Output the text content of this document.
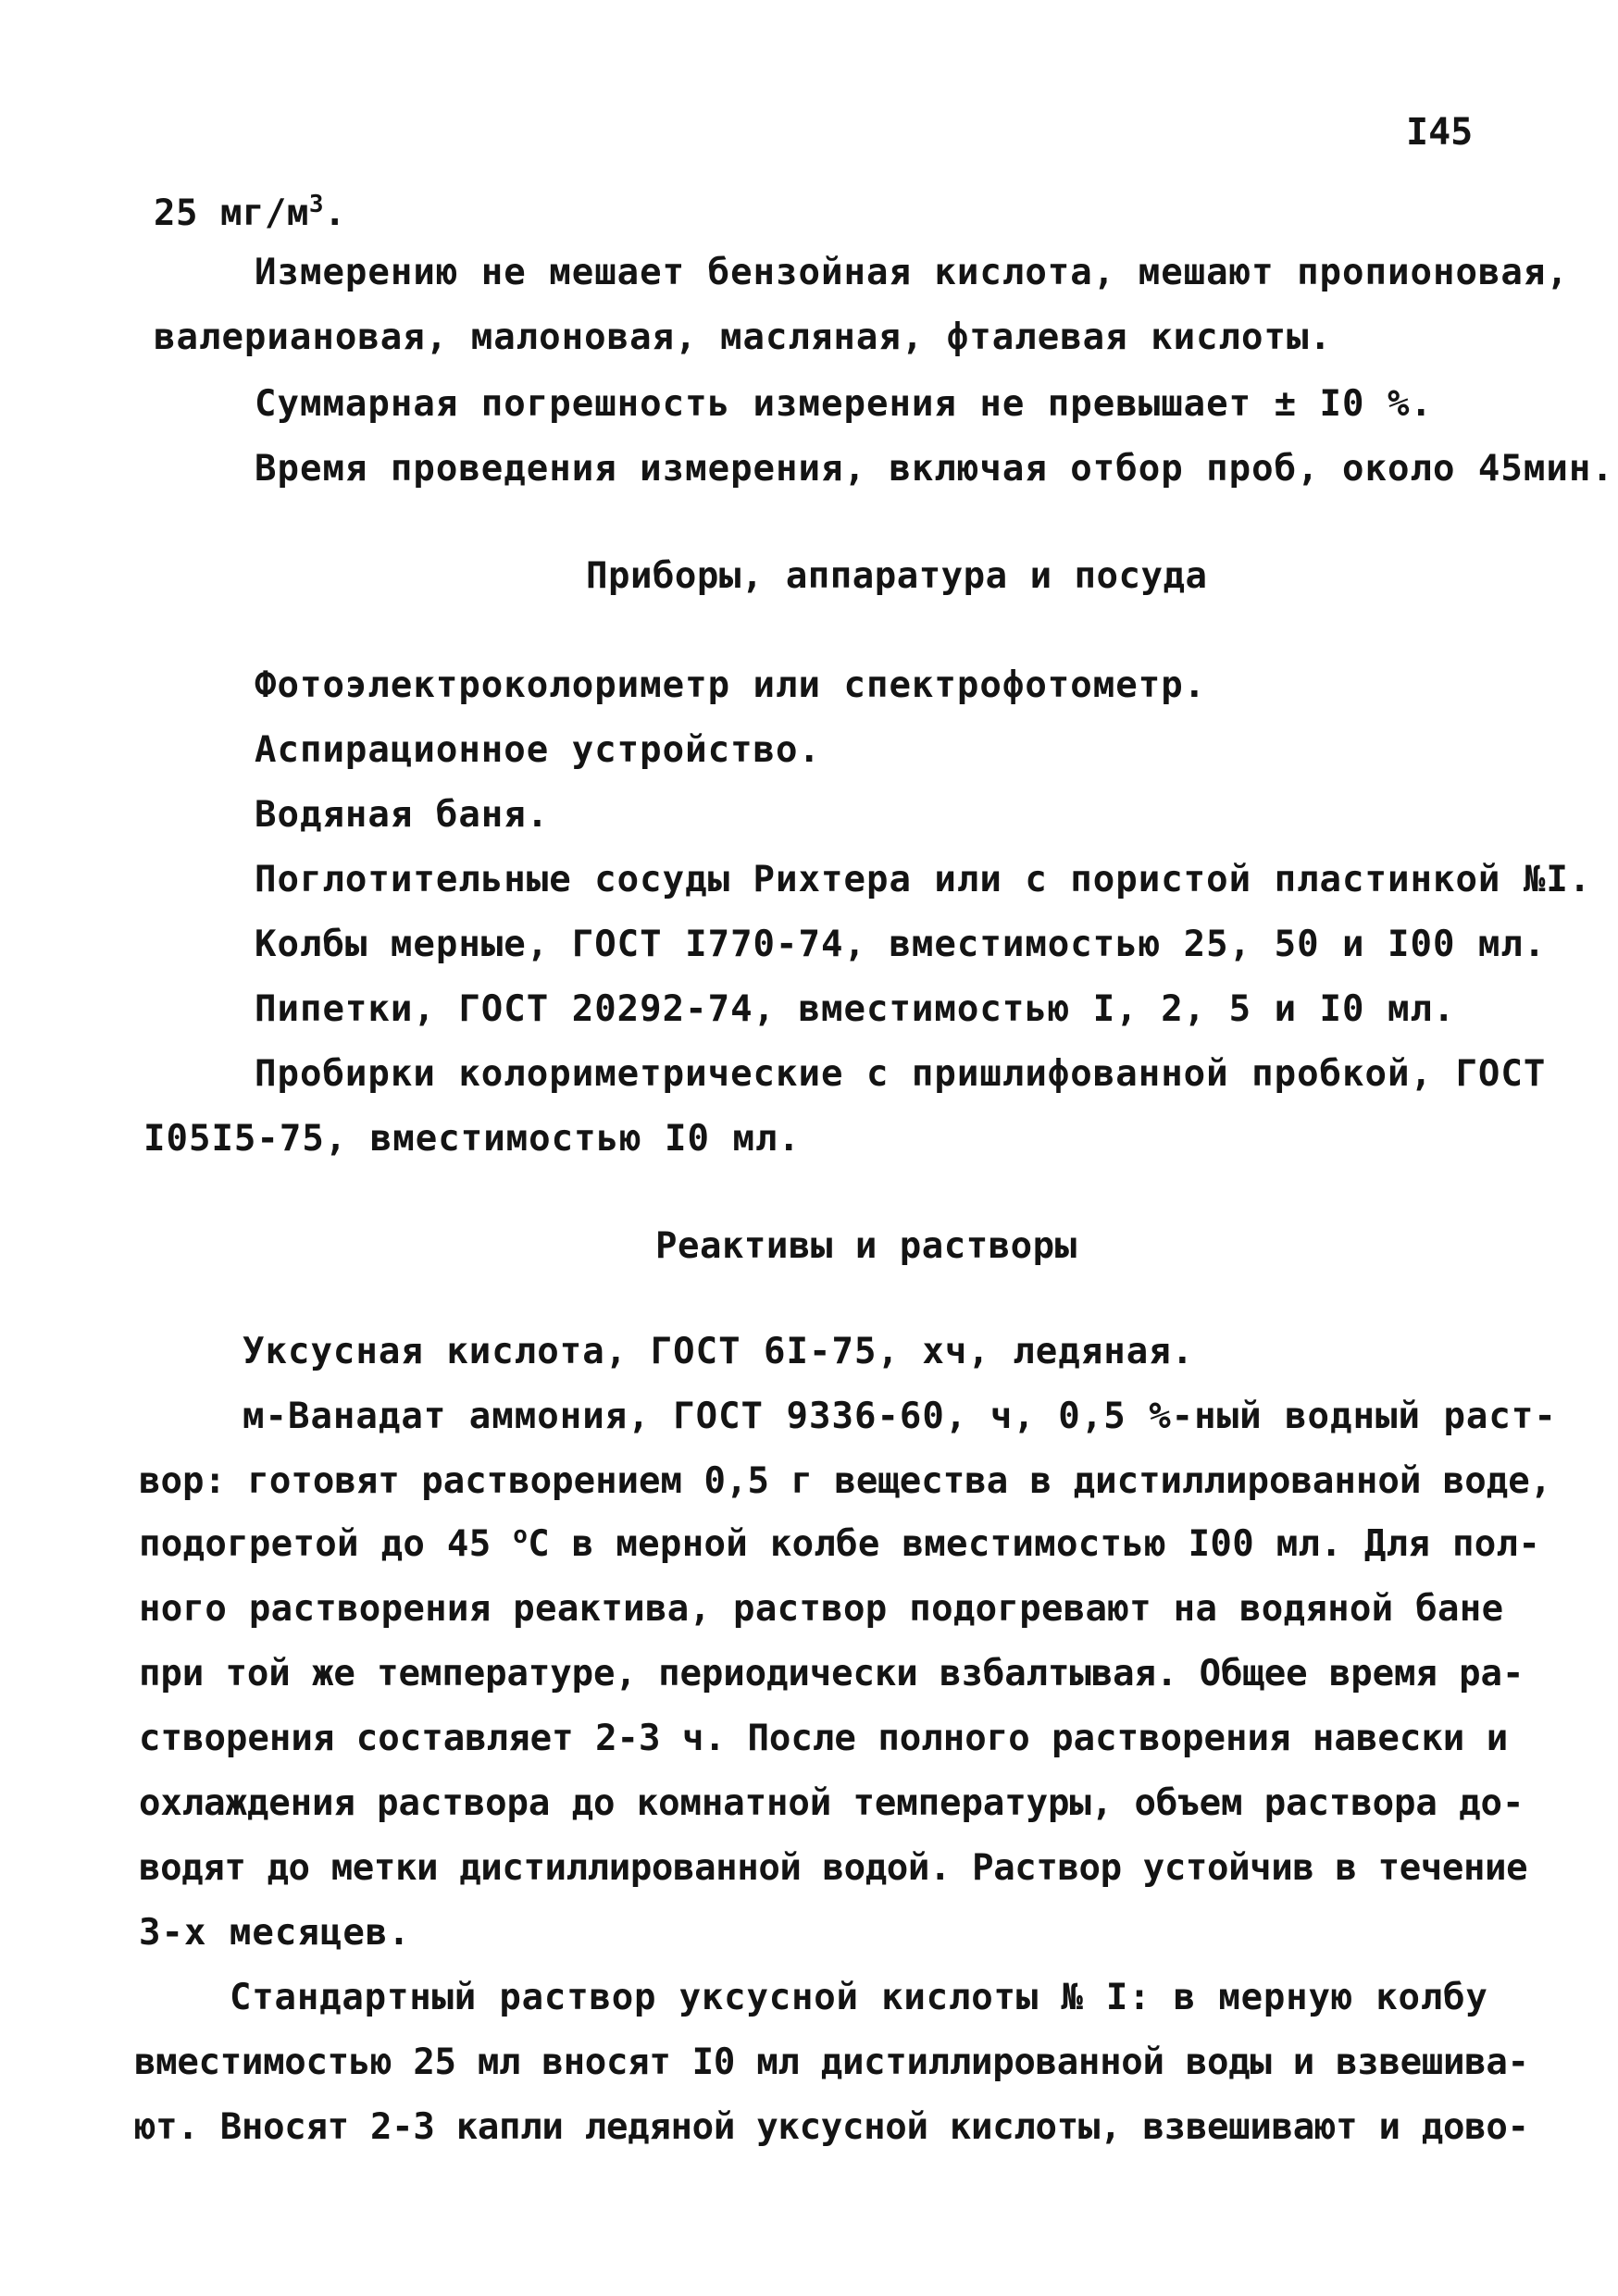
I45
25 $мг/м^3$.
Измерению не мешает бензойная кислота, мешают пропионовая,
валериановая, малоновая, масляная, фталевая кислоты.
Суммарная погрешность измерения не превышает ± I0 %.
Время проведения измерения, включая отбор проб, около 45мин.
Приборы, аппаратура и посуда
Фотоэлектроколориметр или спектрофотометр.
Аспирационное устройство.
Водяная баня.
Поглотительные сосуды Рихтера или с пористой пластинкой №I.
Колбы мерные, ГОСТ I770-74, вместимостью 25, 50 и I00 мл.
Пипетки, ГОСТ 20292-74, вместимостью I, 2, 5 и I0 мл.
Пробирки колориметрические с пришлифованной пробкой, ГОСТ
I05I5-75, вместимостью I0 мл.
Реактивы и растворы
Уксусная кислота, ГОСТ 6I-75, хч, ледяная.
м-Ванадат аммония, ГОСТ 9336-60, ч, 0,5 %-ный водный раст-
вор: готовят растворением 0,5 г вещества в дистиллированной воде,
подогретой до 45 $^о$С в мерной колбе вместимостью I00 мл. Для пол-
ного растворения реактива, раствор подогревают на водяной бане
при той же температуре, периодически взбалтывая. Общее время ра-
створения составляет 2-3 ч. После полного растворения навески и
охлаждения раствора до комнатной температуры, объем раствора до-
водят до метки дистиллированной водой. Раствор устойчив в течение
3-х месяцев.
Стандартный раствор уксусной кислоты № I: в мерную колбу
вместимостью 25 мл вносят I0 мл дистиллированной воды и взвешива-
ют. Вносят 2-3 капли ледяной уксусной кислоты, взвешивают и дово-
